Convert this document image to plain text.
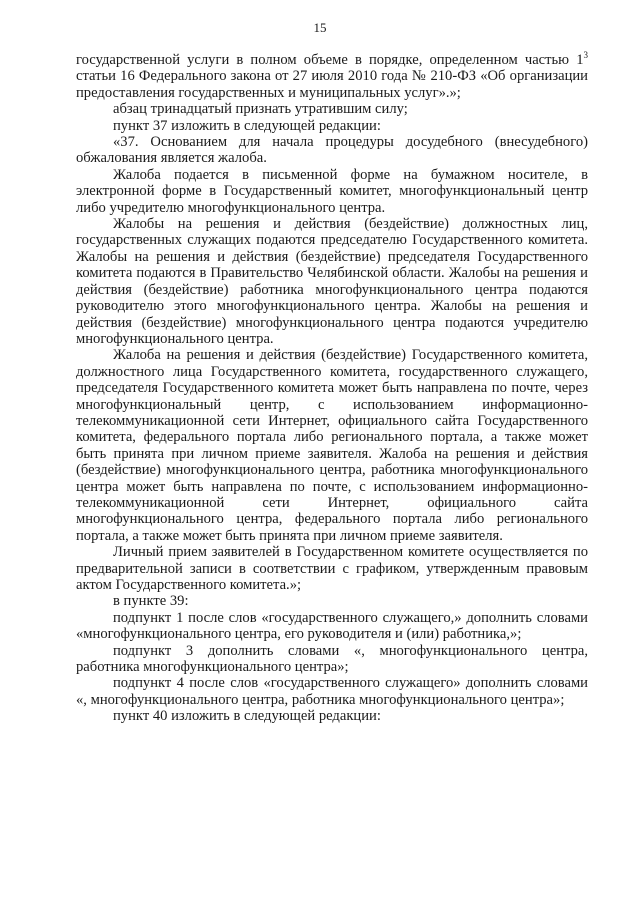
15

государственной услуги в полном объеме в порядке, определенном частью $1^3$ статьи 16 Федерального закона от 27 июля 2010 года № 210-ФЗ «Об организации предоставления государственных и муниципальных услуг».»;

абзац тринадцатый признать утратившим силу;

пункт 37 изложить в следующей редакции:

«37. Основанием для начала процедуры досудебного (внесудебного) обжалования является жалоба.

Жалоба подается в письменной форме на бумажном носителе, в электронной форме в Государственный комитет, многофункциональный центр либо учредителю многофункционального центра.

Жалобы на решения и действия (бездействие) должностных лиц, государственных служащих подаются председателю Государственного комитета. Жалобы на решения и действия (бездействие) председателя Государственного комитета подаются в Правительство Челябинской области. Жалобы на решения и действия (бездействие) работника многофункционального центра подаются руководителю этого многофункционального центра. Жалобы на решения и действия (бездействие) многофункционального центра подаются учредителю многофункционального центра.

Жалоба на решения и действия (бездействие) Государственного комитета, должностного лица Государственного комитета, государственного служащего, председателя Государственного комитета может быть направлена по почте, через многофункциональный центр, с использованием информационно-телекоммуникационной сети Интернет, официального сайта Государственного комитета, федерального портала либо регионального портала, а также может быть принята при личном приеме заявителя. Жалоба на решения и действия (бездействие) многофункционального центра, работника многофункционального центра может быть направлена по почте, с использованием информационно-телекоммуникационной сети Интернет, официального сайта многофункционального центра, федерального портала либо регионального портала, а также может быть принята при личном приеме заявителя.

Личный прием заявителей в Государственном комитете осуществляется по предварительной записи в соответствии с графиком, утвержденным правовым актом Государственного комитета.»;

в пункте 39:

подпункт 1 после слов «государственного служащего,» дополнить словами «многофункционального центра, его руководителя и (или) работника,»;

подпункт 3 дополнить словами «, многофункционального центра, работника многофункционального центра»;

подпункт 4 после слов «государственного служащего» дополнить словами «, многофункционального центра, работника многофункционального центра»;

пункт 40 изложить в следующей редакции:
